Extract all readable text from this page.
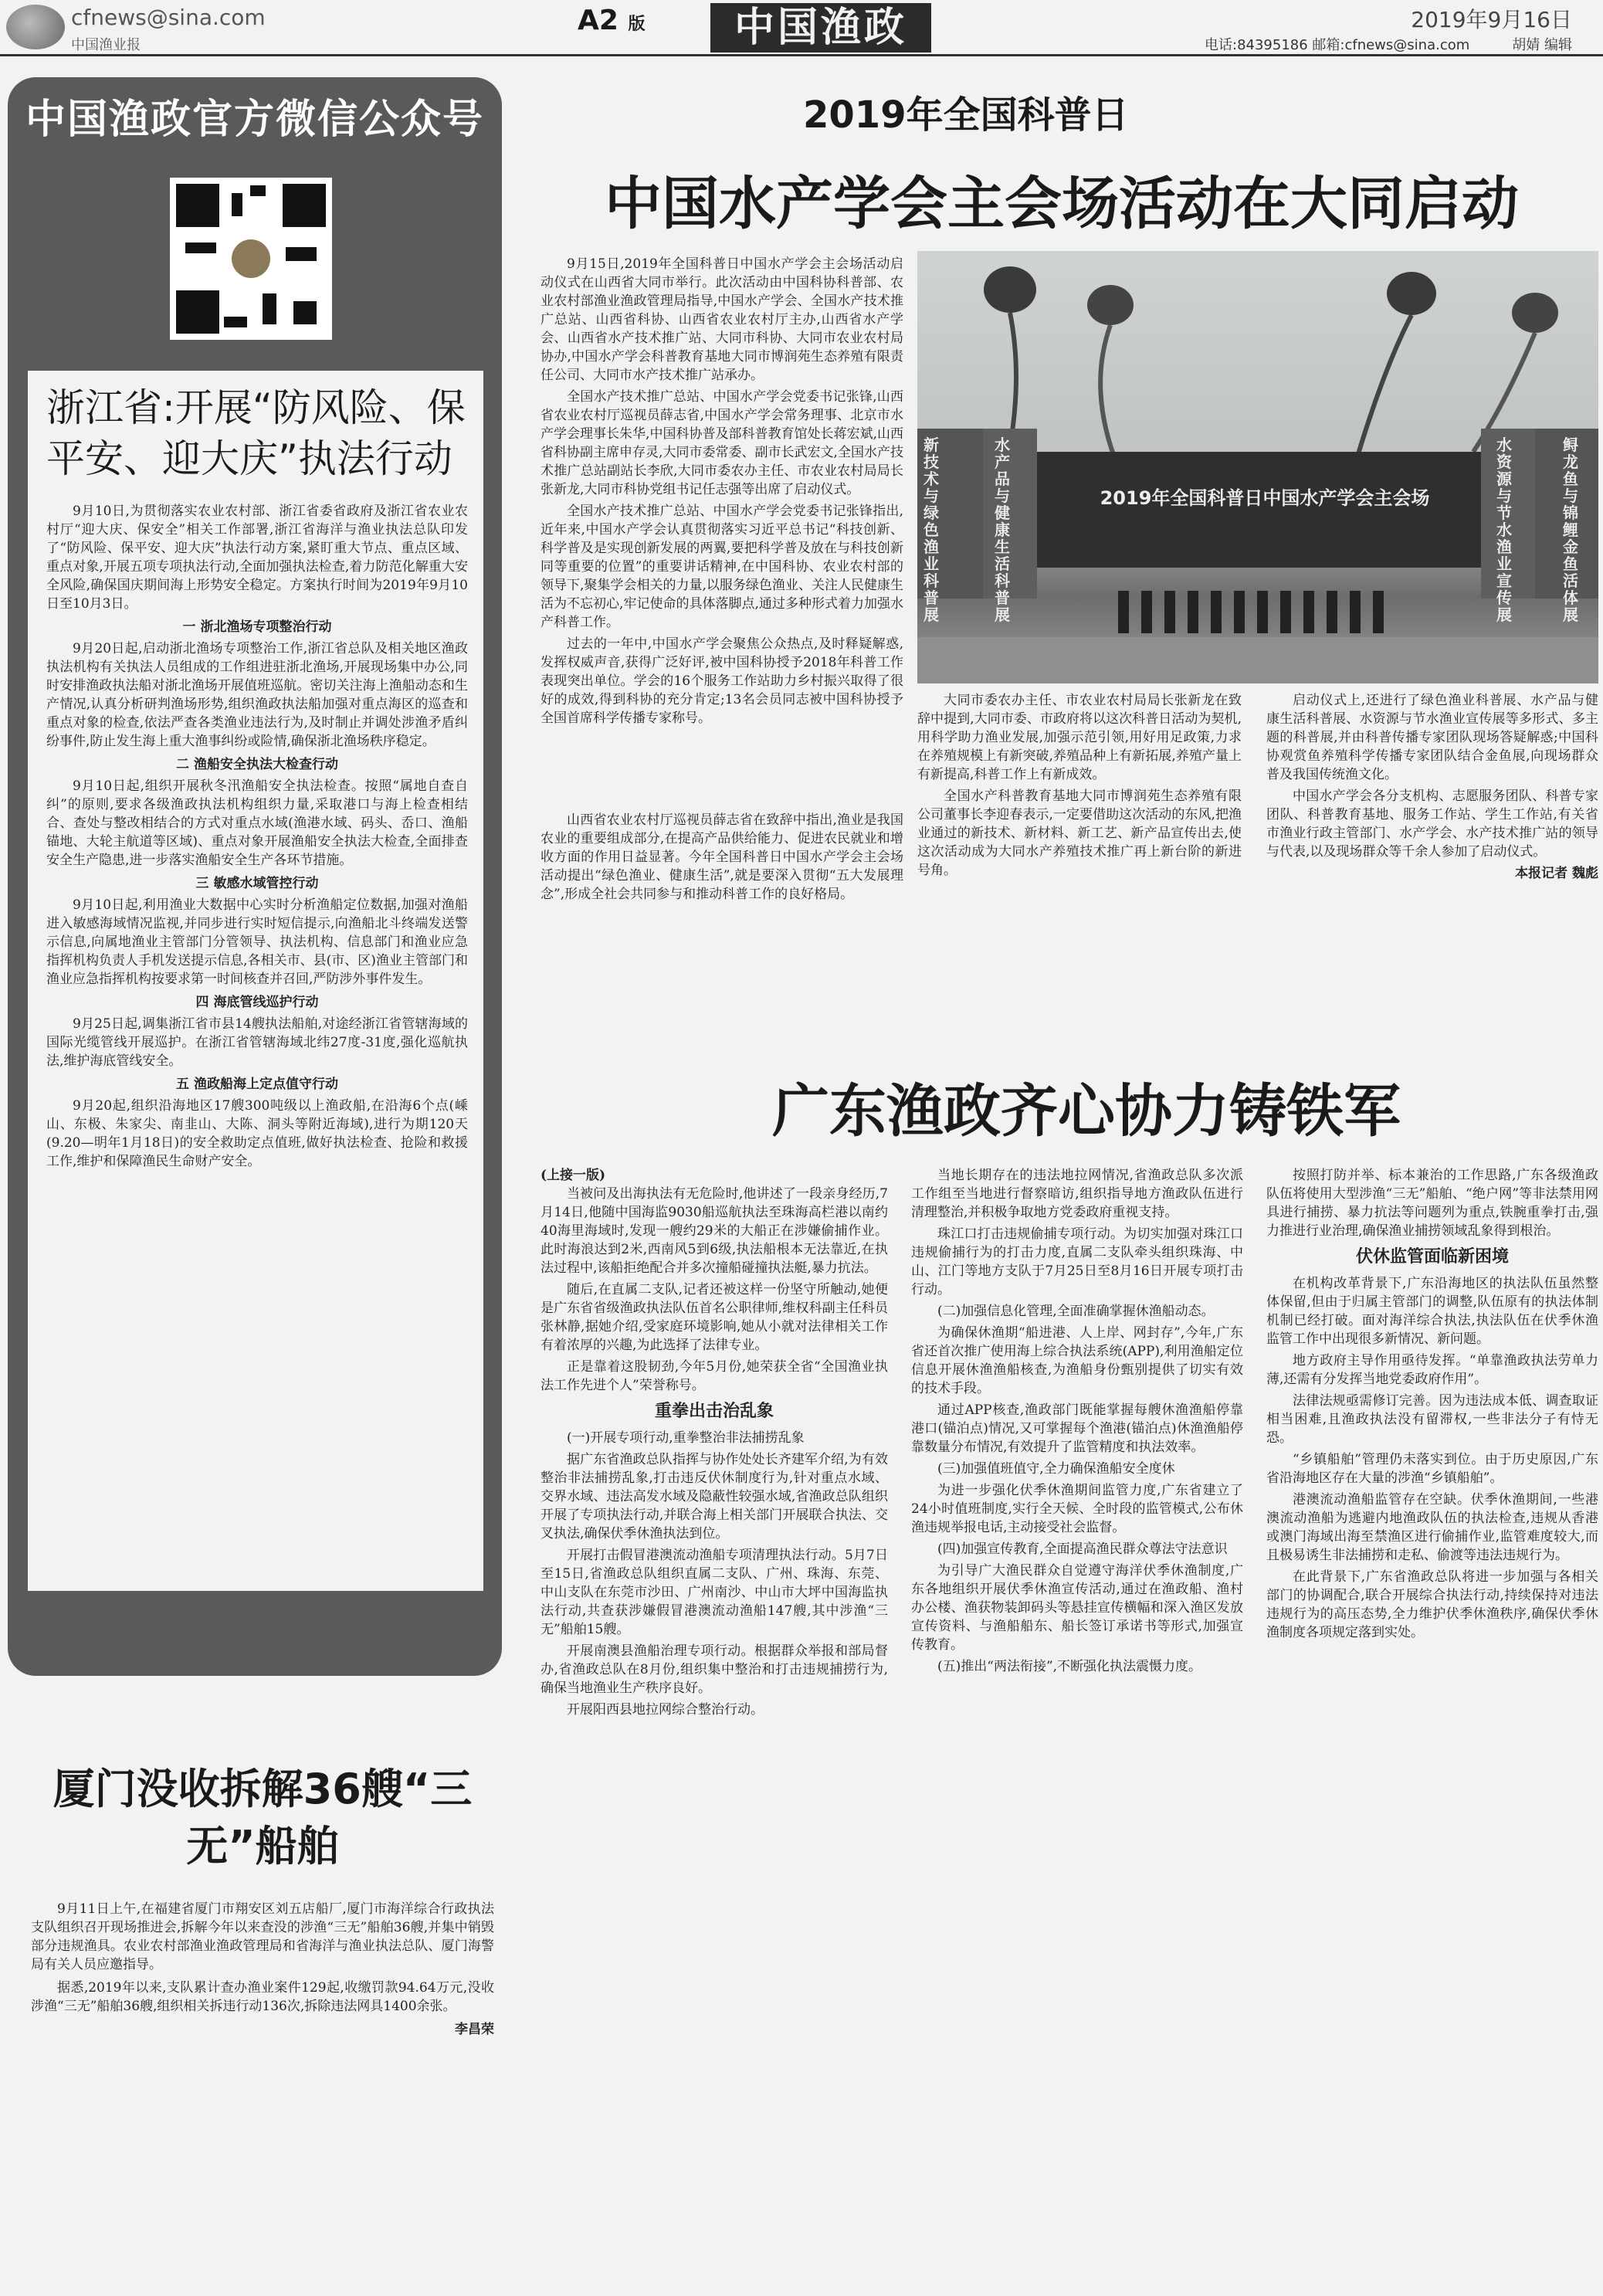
cfnews@sina.com
中国渔业报
A2 版	中国渔政	2019年9月16日
电话:84395186 邮箱:cfnews@sina.com	胡婧 编辑
中国渔政官方微信公众号
浙江省:开展“防风险、保平安、迎大庆”执法行动

9月10日,为贯彻落实农业农村部、浙江省委省政府及浙江省农业农村厅“迎大庆、保安全”相关工作部署,浙江省海洋与渔业执法总队印发了“防风险、保平安、迎大庆”执法行动方案,紧盯重大节点、重点区域、重点对象,开展五项专项执法行动,全面加强执法检查,着力防范化解重大安全风险,确保国庆期间海上形势安全稳定。方案执行时间为2019年9月10日至10月3日。

一 浙北渔场专项整治行动

9月20日起,启动浙北渔场专项整治工作,浙江省总队及相关地区渔政执法机构有关执法人员组成的工作组进驻浙北渔场,开展现场集中办公,同时安排渔政执法船对浙北渔场开展值班巡航。密切关注海上渔船动态和生产情况,认真分析研判渔场形势,组织渔政执法船加强对重点海区的巡查和重点对象的检查,依法严查各类渔业违法行为,及时制止并调处涉渔矛盾纠纷事件,防止发生海上重大渔事纠纷或险情,确保浙北渔场秩序稳定。

二 渔船安全执法大检查行动

9月10日起,组织开展秋冬汛渔船安全执法检查。按照“属地自查自纠”的原则,要求各级渔政执法机构组织力量,采取港口与海上检查相结合、查处与整改相结合的方式对重点水域(渔港水域、码头、岙口、渔船锚地、大轮主航道等区域)、重点对象开展渔船安全执法大检查,全面排查安全生产隐患,进一步落实渔船安全生产各环节措施。

三 敏感水域管控行动

9月10日起,利用渔业大数据中心实时分析渔船定位数据,加强对渔船进入敏感海域情况监视,并同步进行实时短信提示,向渔船北斗终端发送警示信息,向属地渔业主管部门分管领导、执法机构、信息部门和渔业应急指挥机构负责人手机发送提示信息,各相关市、县(市、区)渔业主管部门和渔业应急指挥机构按要求第一时间核查并召回,严防涉外事件发生。

四 海底管线巡护行动

9月25日起,调集浙江省市县14艘执法船舶,对途经浙江省管辖海域的国际光缆管线开展巡护。在浙江省管辖海域北纬27度-31度,强化巡航执法,维护海底管线安全。

五 渔政船海上定点值守行动

9月20起,组织沿海地区17艘300吨级以上渔政船,在沿海6个点(嵊山、东极、朱家尖、南韭山、大陈、洞头等附近海域),进行为期120天(9.20—明年1月18日)的安全救助定点值班,做好执法检查、抢险和救援工作,维护和保障渔民生命财产安全。

厦门没收拆解36艘“三无”船舶

9月11日上午,在福建省厦门市翔安区刘五店船厂,厦门市海洋综合行政执法支队组织召开现场推进会,拆解今年以来查没的涉渔“三无”船舶36艘,并集中销毁部分违规渔具。农业农村部渔业渔政管理局和省海洋与渔业执法总队、厦门海警局有关人员应邀指导。

据悉,2019年以来,支队累计查办渔业案件129起,收缴罚款94.64万元,没收涉渔“三无”船舶36艘,组织相关拆违行动136次,拆除违法网具1400余张。

李昌荣

2019年全国科普日
中国水产学会主会场活动在大同启动

9月15日,2019年全国科普日中国水产学会主会场活动启动仪式在山西省大同市举行。此次活动由中国科协科普部、农业农村部渔业渔政管理局指导,中国水产学会、全国水产技术推广总站、山西省科协、山西省农业农村厅主办,山西省水产学会、山西省水产技术推广站、大同市科协、大同市农业农村局协办,中国水产学会科普教育基地大同市博润苑生态养殖有限责任公司、大同市水产技术推广站承办。

全国水产技术推广总站、中国水产学会党委书记张锋,山西省农业农村厅巡视员薛志省,中国水产学会常务理事、北京市水产学会理事长朱华,中国科协普及部科普教育馆处长蒋宏斌,山西省科协副主席申存灵,大同市委常委、副市长武宏文,全国水产技术推广总站副站长李欣,大同市委农办主任、市农业农村局局长张新龙,大同市科协党组书记任志强等出席了启动仪式。

全国水产技术推广总站、中国水产学会党委书记张锋指出,近年来,中国水产学会认真贯彻落实习近平总书记“科技创新、科学普及是实现创新发展的两翼,要把科学普及放在与科技创新同等重要的位置”的重要讲话精神,在中国科协、农业农村部的领导下,聚集学会相关的力量,以服务绿色渔业、关注人民健康生活为不忘初心,牢记使命的具体落脚点,通过多种形式着力加强水产科普工作。

过去的一年中,中国水产学会聚焦公众热点,及时释疑解惑,发挥权威声音,获得广泛好评,被中国科协授予2018年科普工作表现突出单位。学会的16个服务工作站助力乡村振兴取得了很好的成效,得到科协的充分肯定;13名会员同志被中国科协授予全国首席科学传播专家称号。

2019年全国科普日中国水产学会主会场
新技术与绿色渔业科普展
水产品与健康生活科普展
水资源与节水渔业宣传展
鲟龙鱼与锦鲤金鱼活体展

山西省农业农村厅巡视员薛志省在致辞中指出,渔业是我国农业的重要组成部分,在提高产品供给能力、促进农民就业和增收方面的作用日益显著。今年全国科普日中国水产学会主会场活动提出“绿色渔业、健康生活”,就是要深入贯彻“五大发展理念”,形成全社会共同参与和推动科普工作的良好格局。

大同市委农办主任、市农业农村局局长张新龙在致辞中提到,大同市委、市政府将以这次科普日活动为契机,用科学助力渔业发展,加强示范引领,用好用足政策,力求在养殖规模上有新突破,养殖品种上有新拓展,养殖产量上有新提高,科普工作上有新成效。

全国水产科普教育基地大同市博润苑生态养殖有限公司董事长李迎春表示,一定要借助这次活动的东风,把渔业通过的新技术、新材料、新工艺、新产品宣传出去,使这次活动成为大同水产养殖技术推广再上新台阶的新进号角。

启动仪式上,还进行了绿色渔业科普展、水产品与健康生活科普展、水资源与节水渔业宣传展等多形式、多主题的科普展,并由科普传播专家团队现场答疑解惑;中国科协观赏鱼养殖科学传播专家团队结合金鱼展,向现场群众普及我国传统渔文化。

中国水产学会各分支机构、志愿服务团队、科普专家团队、科普教育基地、服务工作站、学生工作站,有关省市渔业行政主管部门、水产学会、水产技术推广站的领导与代表,以及现场群众等千余人参加了启动仪式。

本报记者 魏彪

广东渔政齐心协力铸铁军

(上接一版)

当被问及出海执法有无危险时,他讲述了一段亲身经历,7月14日,他随中国海监9030船巡航执法至珠海高栏港以南约40海里海域时,发现一艘约29米的大船正在涉嫌偷捕作业。此时海浪达到2米,西南风5到6级,执法船根本无法靠近,在执法过程中,该船拒绝配合并多次撞船碰撞执法艇,暴力抗法。

随后,在直属二支队,记者还被这样一份坚守所触动,她便是广东省省级渔政执法队伍首名公职律师,维权科副主任科员张林静,据她介绍,受家庭环境影响,她从小就对法律相关工作有着浓厚的兴趣,为此选择了法律专业。

正是靠着这股韧劲,今年5月份,她荣获全省“全国渔业执法工作先进个人”荣誉称号。

重拳出击治乱象

(一)开展专项行动,重拳整治非法捕捞乱象

据广东省渔政总队指挥与协作处处长齐建军介绍,为有效整治非法捕捞乱象,打击违反伏休制度行为,针对重点水域、交界水域、违法高发水域及隐蔽性较强水域,省渔政总队组织开展了专项执法行动,并联合海上相关部门开展联合执法、交叉执法,确保伏季休渔执法到位。

开展打击假冒港澳流动渔船专项清理执法行动。5月7日至15日,省渔政总队组织直属二支队、广州、珠海、东莞、中山支队在东莞市沙田、广州南沙、中山市大坪中国海监执法行动,共查获涉嫌假冒港澳流动渔船147艘,其中涉渔“三无”船舶15艘。

开展南澳县渔船治理专项行动。根据群众举报和部局督办,省渔政总队在8月份,组织集中整治和打击违规捕捞行为,确保当地渔业生产秩序良好。

开展阳西县地拉网综合整治行动。

当地长期存在的违法地拉网情况,省渔政总队多次派工作组至当地进行督察暗访,组织指导地方渔政队伍进行清理整治,并积极争取地方党委政府重视支持。

珠江口打击违规偷捕专项行动。为切实加强对珠江口违规偷捕行为的打击力度,直属二支队牵头组织珠海、中山、江门等地方支队于7月25日至8月16日开展专项打击行动。

(二)加强信息化管理,全面准确掌握休渔船动态。

为确保休渔期“船进港、人上岸、网封存”,今年,广东省还首次推广使用海上综合执法系统(APP),利用渔船定位信息开展休渔渔船核查,为渔船身份甄别提供了切实有效的技术手段。

通过APP核查,渔政部门既能掌握每艘休渔渔船停靠港口(锚泊点)情况,又可掌握每个渔港(锚泊点)休渔渔船停靠数量分布情况,有效提升了监管精度和执法效率。

(三)加强值班值守,全力确保渔船安全度休

为进一步强化伏季休渔期间监管力度,广东省建立了24小时值班制度,实行全天候、全时段的监管模式,公布休渔违规举报电话,主动接受社会监督。

(四)加强宣传教育,全面提高渔民群众尊法守法意识

为引导广大渔民群众自觉遵守海洋伏季休渔制度,广东各地组织开展伏季休渔宣传活动,通过在渔政船、渔村办公楼、渔获物装卸码头等悬挂宣传横幅和深入渔区发放宣传资料、与渔船船东、船长签订承诺书等形式,加强宣传教育。

(五)推出“两法衔接”,不断强化执法震慑力度。

按照打防并举、标本兼治的工作思路,广东各级渔政队伍将使用大型涉渔“三无”船舶、“绝户网”等非法禁用网具进行捕捞、暴力抗法等问题列为重点,铁腕重拳打击,强力推进行业治理,确保渔业捕捞领域乱象得到根治。

伏休监管面临新困境

在机构改革背景下,广东沿海地区的执法队伍虽然整体保留,但由于归属主管部门的调整,队伍原有的执法体制机制已经打破。面对海洋综合执法,执法队伍在伏季休渔监管工作中出现很多新情况、新问题。

地方政府主导作用亟待发挥。“单靠渔政执法劳单力薄,还需有分发挥当地党委政府作用”。

法律法规亟需修订完善。因为违法成本低、调查取证相当困难,且渔政执法没有留滞权,一些非法分子有恃无恐。

“乡镇船舶”管理仍未落实到位。由于历史原因,广东省沿海地区存在大量的涉渔“乡镇船舶”。

港澳流动渔船监管存在空缺。伏季休渔期间,一些港澳流动渔船为逃避内地渔政队伍的执法检查,违规从香港或澳门海域出海至禁渔区进行偷捕作业,监管难度较大,而且极易诱生非法捕捞和走私、偷渡等违法违规行为。

在此背景下,广东省渔政总队将进一步加强与各相关部门的协调配合,联合开展综合执法行动,持续保持对违法违规行为的高压态势,全力维护伏季休渔秩序,确保伏季休渔制度各项规定落到实处。
